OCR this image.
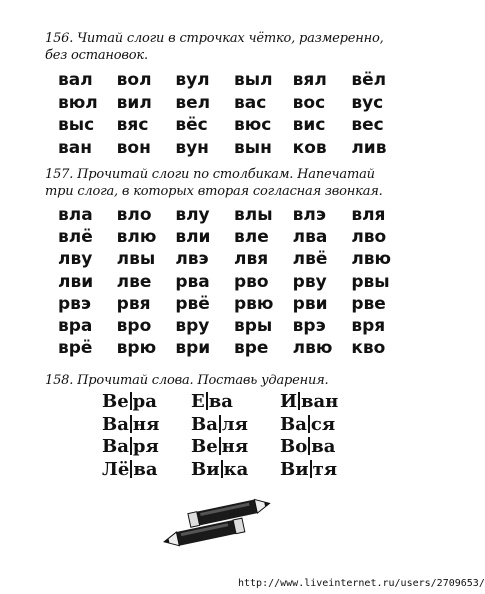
156. Читай слоги в строчках чётко, размеренно, без остановок.
вал	вол	вул	выл	вял	вёл
вюл	вил	вел	вас	вос	вус
выс	вяс	вёс	вюс	вис	вес
ван	вон	вун	вын	ков	лив
157. Прочитай слоги по столбикам. Напечатай три слога, в которых вторая согласная звонкая.
вла	вло	влу	влы	влэ	вля
влё	влю	вли	вле	лва	лво
лву	лвы	лвэ	лвя	лвё	лвю
лви	лве	рва	рво	рву	рвы
рвэ	рвя	рвё	рвю	рви	рве
вра	вро	вру	вры	врэ	вря
врё	врю	ври	вре	лвю	кво
158. Прочитай слова. Поставь ударения.
Ве ра	Е ва	И ван
Ва ня	Ва ля	Ва ся
Ва ря	Ве ня	Во ва
Лё ва	Ви ка	Ви тя
http://www.liveinternet.ru/users/2709653/
